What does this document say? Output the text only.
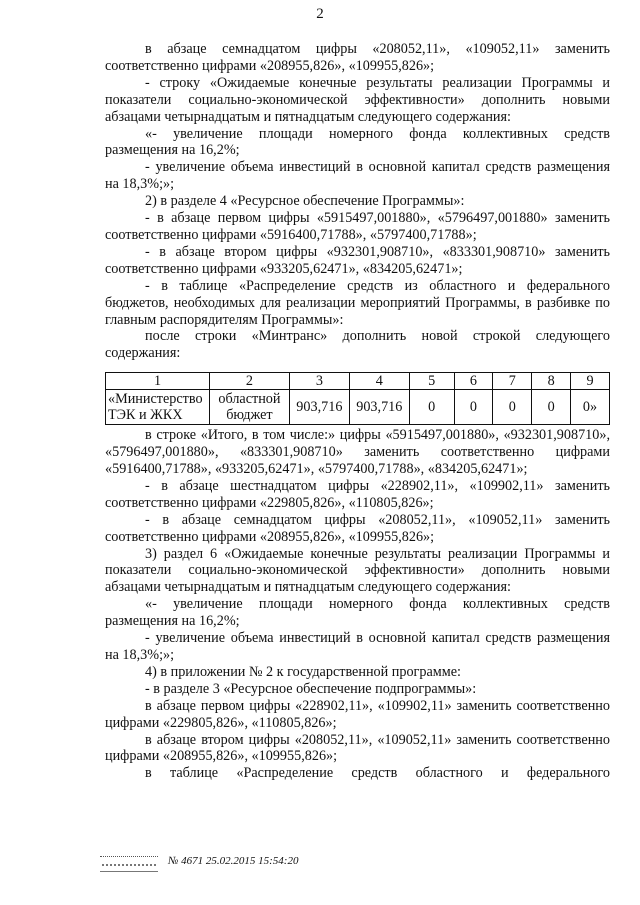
2

в абзаце семнадцатом цифры «208052,11», «109052,11» заменить соответственно цифрами «208955,826», «109955,826»;

- строку «Ожидаемые конечные результаты реализации Программы и показатели социально-экономической эффективности» дополнить новыми абзацами четырнадцатым и пятнадцатым следующего содержания:

«- увеличение площади номерного фонда коллективных средств размещения на 16,2%;

- увеличение объема инвестиций в основной капитал средств размещения на 18,3%;»;

2) в разделе 4 «Ресурсное обеспечение Программы»:

- в абзаце первом цифры «5915497,001880», «5796497,001880» заменить соответственно цифрами «5916400,71788», «5797400,71788»;

- в абзаце втором цифры «932301,908710», «833301,908710» заменить соответственно цифрами «933205,62471», «834205,62471»;

- в таблице «Распределение средств из областного и федерального бюджетов, необходимых для реализации мероприятий Программы, в разбивке по главным распорядителям Программы»:

после строки «Минтранс» дополнить новой строкой следующего содержания:

1	2	3	4	5	6	7	8	9
«Министерство ТЭК и ЖКХ	областной бюджет	903,716	903,716	0	0	0	0	0»

в строке «Итого, в том числе:» цифры «5915497,001880», «932301,908710», «5796497,001880», «833301,908710» заменить соответственно цифрами «5916400,71788», «933205,62471», «5797400,71788», «834205,62471»;

- в абзаце шестнадцатом цифры «228902,11», «109902,11» заменить соответственно цифрами «229805,826», «110805,826»;

- в абзаце семнадцатом цифры «208052,11», «109052,11» заменить соответственно цифрами «208955,826», «109955,826»;

3) раздел 6 «Ожидаемые конечные результаты реализации Программы и показатели социально-экономической эффективности» дополнить новыми абзацами четырнадцатым и пятнадцатым следующего содержания:

«- увеличение площади номерного фонда коллективных средств размещения на 16,2%;

- увеличение объема инвестиций в основной капитал средств размещения на 18,3%;»;

4) в приложении № 2 к государственной программе:

- в разделе 3 «Ресурсное обеспечение подпрограммы»:

в абзаце первом цифры «228902,11», «109902,11» заменить соответственно цифрами «229805,826», «110805,826»;

в абзаце втором цифры «208052,11», «109052,11» заменить соответственно цифрами «208955,826», «109955,826»;

в таблице «Распределение средств областного и федерального

№ 4671 25.02.2015 15:54:20
